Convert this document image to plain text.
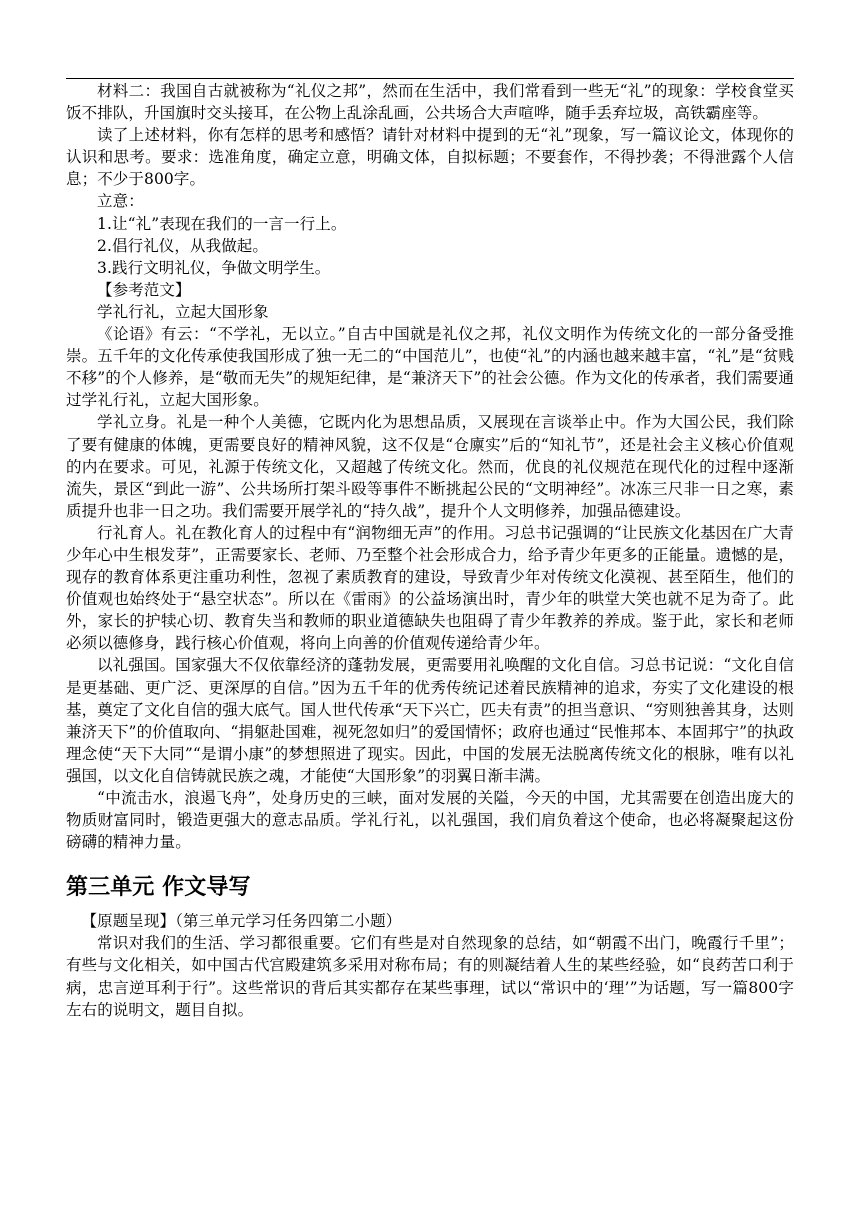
材料二：我国自古就被称为“礼仪之邦”，然而在生活中，我们常看到一些无“礼”的现象：学校食堂买饭不排队，升国旗时交头接耳，在公物上乱涂乱画，公共场合大声喧哗，随手丢弃垃圾，高铁霸座等。

读了上述材料，你有怎样的思考和感悟？请针对材料中提到的无“礼”现象，写一篇议论文，体现你的认识和思考。要求：选准角度，确定立意，明确文体，自拟标题；不要套作，不得抄袭；不得泄露个人信息；不少于800字。

立意：

1.让“礼”表现在我们的一言一行上。

2.倡行礼仪，从我做起。

3.践行文明礼仪，争做文明学生。

【参考范文】

学礼行礼，立起大国形象

《论语》有云：“不学礼，无以立。”自古中国就是礼仪之邦，礼仪文明作为传统文化的一部分备受推崇。五千年的文化传承使我国形成了独一无二的“中国范儿”，也使“礼”的内涵也越来越丰富，“礼”是“贫贱不移”的个人修养，是“敬而无失”的规矩纪律，是“兼济天下”的社会公德。作为文化的传承者，我们需要通过学礼行礼，立起大国形象。

学礼立身。礼是一种个人美德，它既内化为思想品质，又展现在言谈举止中。作为大国公民，我们除了要有健康的体魄，更需要良好的精神风貌，这不仅是“仓廪实”后的“知礼节”，还是社会主义核心价值观的内在要求。可见，礼源于传统文化，又超越了传统文化。然而，优良的礼仪规范在现代化的过程中逐渐流失，景区“到此一游”、公共场所打架斗殴等事件不断挑起公民的“文明神经”。冰冻三尺非一日之寒，素质提升也非一日之功。我们需要开展学礼的“持久战”，提升个人文明修养，加强品德建设。

行礼育人。礼在教化育人的过程中有“润物细无声”的作用。习总书记强调的“让民族文化基因在广大青少年心中生根发芽”，正需要家长、老师、乃至整个社会形成合力，给予青少年更多的正能量。遗憾的是，现存的教育体系更注重功利性，忽视了素质教育的建设，导致青少年对传统文化漠视、甚至陌生，他们的价值观也始终处于“悬空状态”。所以在《雷雨》的公益场演出时，青少年的哄堂大笑也就不足为奇了。此外，家长的护犊心切、教育失当和教师的职业道德缺失也阻碍了青少年教养的养成。鉴于此，家长和老师必须以德修身，践行核心价值观，将向上向善的价值观传递给青少年。

以礼强国。国家强大不仅依靠经济的蓬勃发展，更需要用礼唤醒的文化自信。习总书记说：“文化自信是更基础、更广泛、更深厚的自信。”因为五千年的优秀传统记述着民族精神的追求，夯实了文化建设的根基，奠定了文化自信的强大底气。国人世代传承“天下兴亡，匹夫有责”的担当意识、“穷则独善其身，达则兼济天下”的价值取向、“捐躯赴国难，视死忽如归”的爱国情怀；政府也通过“民惟邦本、本固邦宁”的执政理念使“天下大同”“是谓小康”的梦想照进了现实。因此，中国的发展无法脱离传统文化的根脉，唯有以礼强国，以文化自信铸就民族之魂，才能使“大国形象”的羽翼日渐丰满。

“中流击水，浪遏飞舟”，处身历史的三峡，面对发展的关隘，今天的中国，尤其需要在创造出庞大的物质财富同时，锻造更强大的意志品质。学礼行礼，以礼强国，我们肩负着这个使命，也必将凝聚起这份磅礴的精神力量。

第三单元 作文导写

【原题呈现】（第三单元学习任务四第二小题）

常识对我们的生活、学习都很重要。它们有些是对自然现象的总结，如“朝霞不出门，晚霞行千里”；有些与文化相关，如中国古代宫殿建筑多采用对称布局；有的则凝结着人生的某些经验，如“良药苦口利于病，忠言逆耳利于行”。这些常识的背后其实都存在某些事理，试以“常识中的‘理’”为话题，写一篇800字左右的说明文，题目自拟。
